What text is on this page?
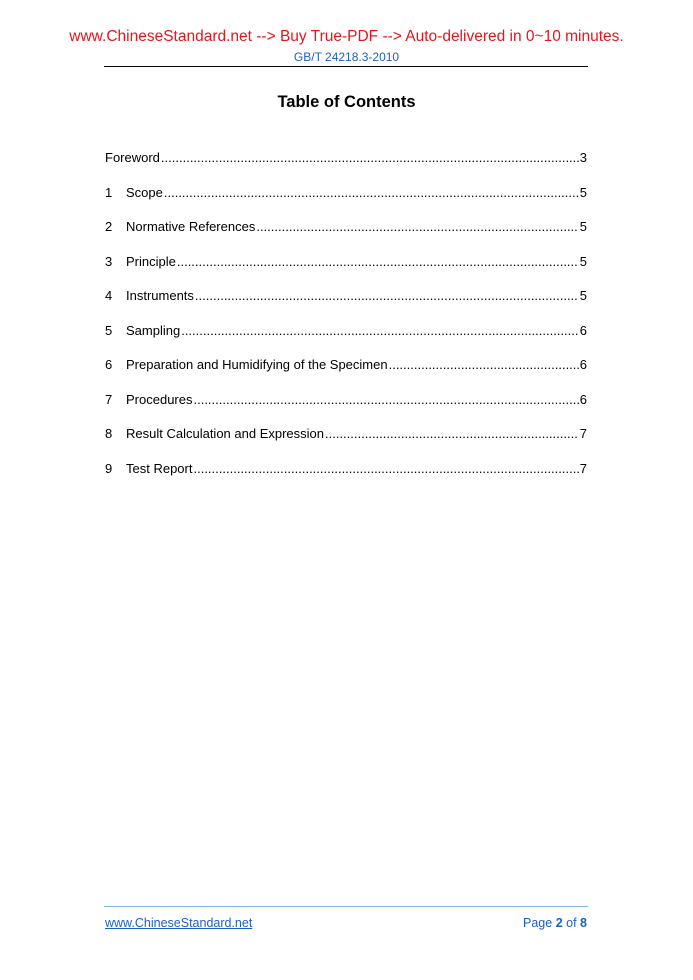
www.ChineseStandard.net --> Buy True-PDF --> Auto-delivered in 0~10 minutes.
GB/T 24218.3-2010
Table of Contents
Foreword .....	3
1	Scope .....	5
2	Normative References .....	5
3	Principle .....	5
4	Instruments .....	5
5	Sampling .....	6
6	Preparation and Humidifying of the Specimen .....	6
7	Procedures .....	6
8	Result Calculation and Expression .....	7
9	Test Report .....	7
www.ChineseStandard.net	Page 2 of 8
